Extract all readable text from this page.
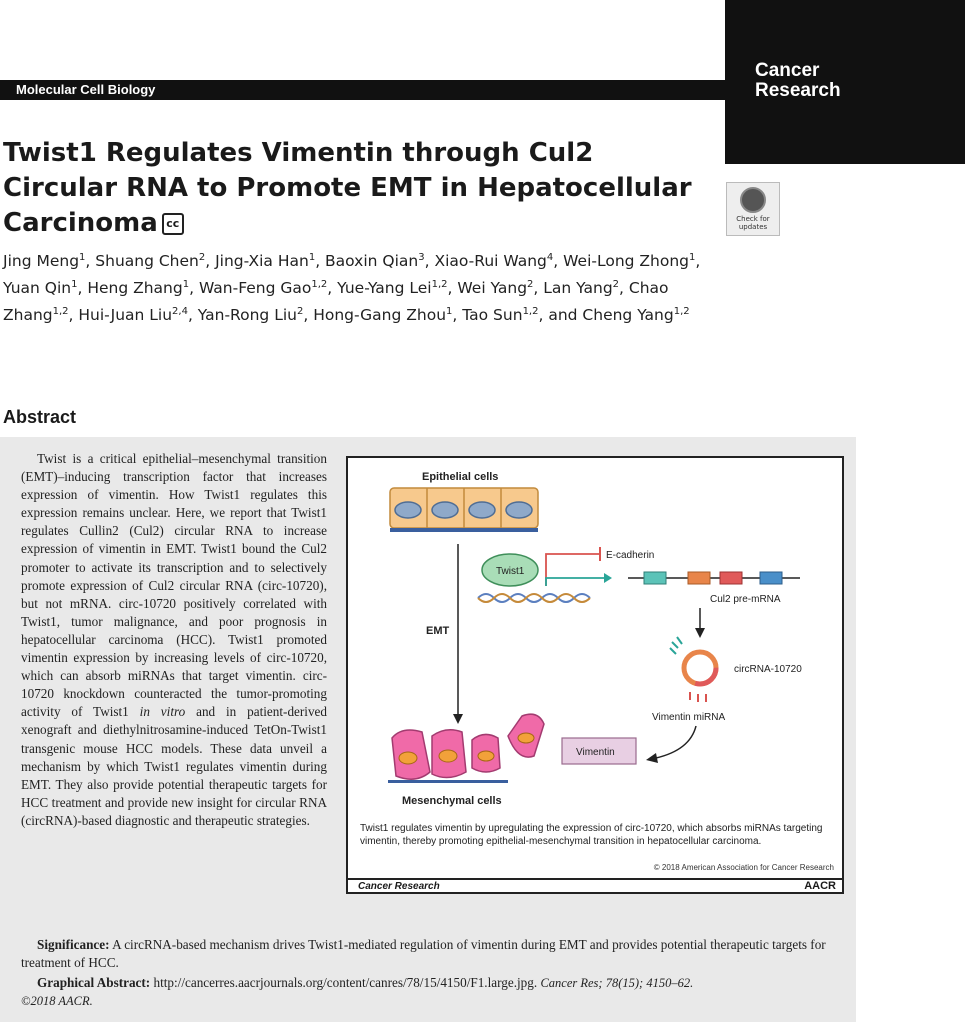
Molecular Cell Biology
Cancer
Research
Twist1 Regulates Vimentin through Cul2 Circular RNA to Promote EMT in Hepatocellular Carcinoma cc	Check for
updates
Jing Meng$^1$, Shuang Chen$^2$, Jing-Xia Han$^1$, Baoxin Qian$^3$, Xiao-Rui Wang$^4$, Wei-Long Zhong$^1$, Yuan Qin$^1$, Heng Zhang$^1$, Wan-Feng Gao$^{1,2}$, Yue-Yang Lei$^{1,2}$, Wei Yang$^2$, Lan Yang$^2$, Chao Zhang$^{1,2}$, Hui-Juan Liu$^{2,4}$, Yan-Rong Liu$^2$, Hong-Gang Zhou$^1$, Tao Sun$^{1,2}$, and Cheng Yang$^{1,2}$
Abstract
Twist is a critical epithelial–mesenchymal transition (EMT)–inducing transcription factor that increases expression of vimentin. How Twist1 regulates this expression remains unclear. Here, we report that Twist1 regulates Cullin2 (Cul2) circular RNA to increase expression of vimentin in EMT. Twist1 bound the Cul2 promoter to activate its transcription and to selectively promote expression of Cul2 circular RNA (circ-10720), but not mRNA. circ-10720 positively correlated with Twist1, tumor malignance, and poor prognosis in hepatocellular carcinoma (HCC). Twist1 promoted vimentin expression by increasing levels of circ-10720, which can absorb miRNAs that target vimentin. circ-10720 knockdown counteracted the tumor-promoting activity of Twist1 in vitro and in patient-derived xenograft and diethylnitrosamine-induced TetOn-Twist1 transgenic mouse HCC models. These data unveil a mechanism by which Twist1 regulates vimentin during EMT. They also provide potential therapeutic targets for HCC treatment and provide new insight for circular RNA (circRNA)-based diagnostic and therapeutic strategies.
Epithelial cells
EMT
Twist1
E-cadherin
Cul2 pre-mRNA
circRNA-10720
Vimentin miRNA
Vimentin
Mesenchymal cells
Twist1 regulates vimentin by upregulating the expression of circ-10720, which absorbs miRNAs targeting vimentin, thereby promoting epithelial-mesenchymal transition in hepatocellular carcinoma.
© 2018 American Association for Cancer Research
Cancer Research	AACR
Significance: A circRNA-based mechanism drives Twist1-mediated regulation of vimentin during EMT and provides potential therapeutic targets for treatment of HCC.
Graphical Abstract: http://cancerres.aacrjournals.org/content/canres/78/15/4150/F1.large.jpg. Cancer Res; 78(15); 4150–62.
©2018 AACR.
